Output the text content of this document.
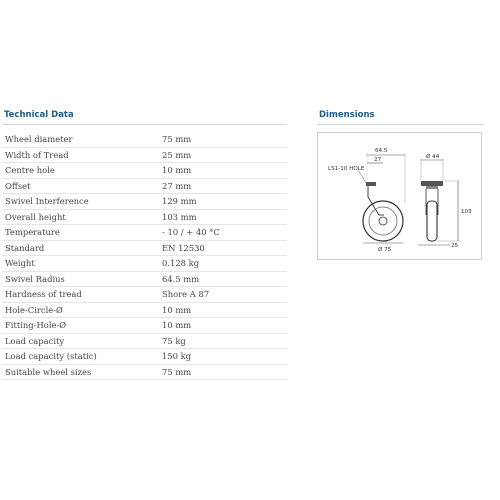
Technical Data	Dimensions
Wheel diameter	75 mm
Width of Tread	25 mm
Centre hole	10 mm
Offset	27 mm
Swivel Interference	129 mm
Overall height	103 mm
Temperature	- 10 / + 40 °C
Standard	EN 12530
Weight	0.128 kg
Swivel Radius	64.5 mm
Hardness of tread	Shore A 87
Hole-Circle-Ø	10 mm
Fitting-Hole-Ø	10 mm
Load capacity	75 kg
Load capacity (static)	150 kg
Suitable wheel sizes	75 mm
64.5
27
LS1-10 HOLE
Ø 75
Ø 44
103
25
